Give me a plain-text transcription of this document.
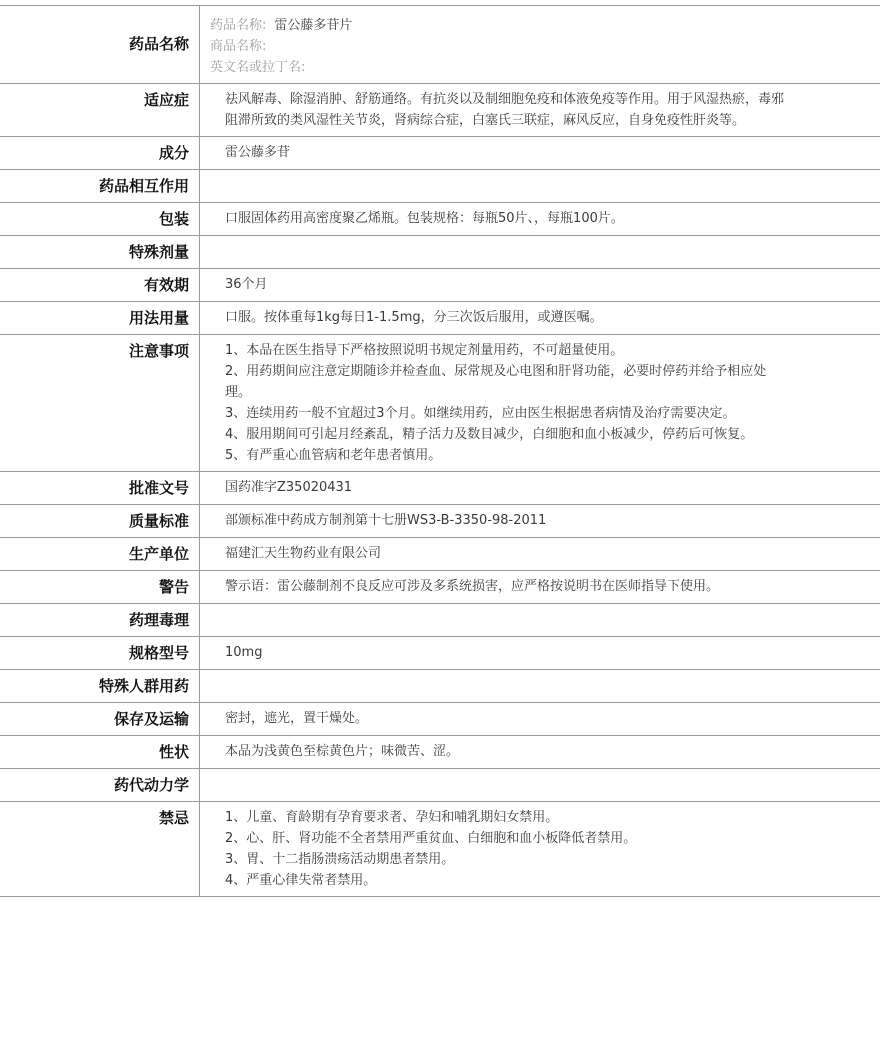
药品名称
药品名称: 雷公藤多苷片
商品名称:
英文名或拉丁名:
适应症	祛风解毒、除湿消肿、舒筋通络。有抗炎以及制细胞免疫和体液免疫等作用。用于风湿热瘀，毒邪阻滞所致的类风湿性关节炎，肾病综合症，白塞氏三联症，麻风反应，自身免疫性肝炎等。
成分	雷公藤多苷
药品相互作用
包装	口服固体药用高密度聚乙烯瓶。包装规格：每瓶50片、，每瓶100片。
特殊剂量
有效期	36个月
用法用量	口服。按体重每1kg每日1-1.5mg，分三次饭后服用，或遵医嘱。
注意事项	1、本品在医生指导下严格按照说明书规定剂量用药，不可超量使用。
2、用药期间应注意定期随诊并检查血、尿常规及心电图和肝肾功能，必要时停药并给予相应处理。
3、连续用药一般不宜超过3个月。如继续用药，应由医生根据患者病情及治疗需要决定。
4、服用期间可引起月经紊乱，精子活力及数目减少，白细胞和血小板减少，停药后可恢复。
5、有严重心血管病和老年患者慎用。
批准文号	国药准字Z35020431
质量标准	部颁标准中药成方制剂第十七册WS3-B-3350-98-2011
生产单位	福建汇天生物药业有限公司
警告	警示语：雷公藤制剂不良反应可涉及多系统损害，应严格按说明书在医师指导下使用。
药理毒理
规格型号	10mg
特殊人群用药
保存及运输	密封，遮光，置干燥处。
性状	本品为浅黄色至棕黄色片；味微苦、涩。
药代动力学
禁忌	1、儿童、育龄期有孕育要求者、孕妇和哺乳期妇女禁用。
2、心、肝、肾功能不全者禁用严重贫血、白细胞和血小板降低者禁用。
3、胃、十二指肠溃疡活动期患者禁用。
4、严重心律失常者禁用。
